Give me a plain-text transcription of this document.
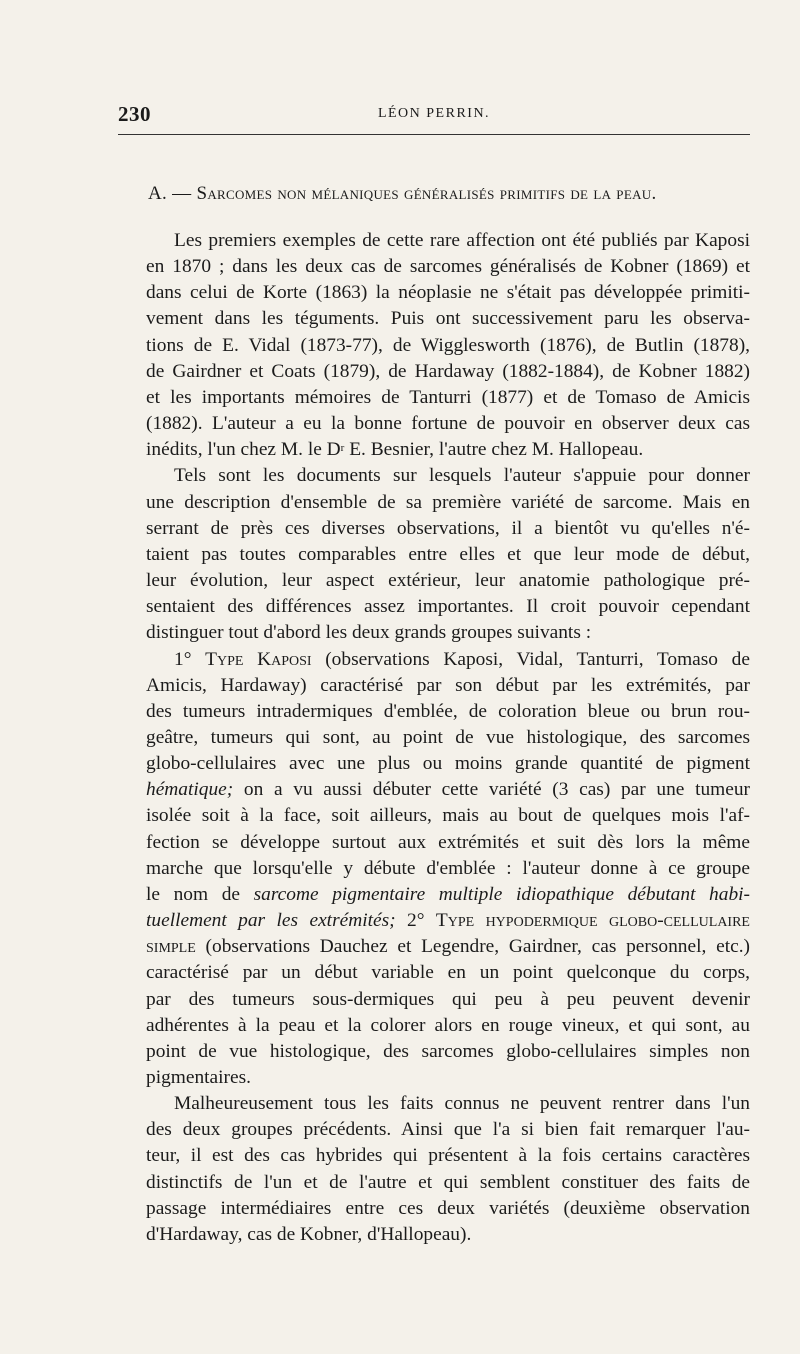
230	LÉON PERRIN.
A. — Sarcomes non mélaniques généralisés primitifs de la peau.

Les premiers exemples de cette rare affection ont été publiés par Kaposi
en 1870 ; dans les deux cas de sarcomes généralisés de Kobner (1869) et
dans celui de Korte (1863) la néoplasie ne s'était pas développée primiti-
vement dans les téguments. Puis ont successivement paru les observa-
tions de E. Vidal (1873-77), de Wigglesworth (1876), de Butlin (1878),
de Gairdner et Coats (1879), de Hardaway (1882-1884), de Kobner 1882)
et les importants mémoires de Tanturri (1877) et de Tomaso de Amicis
(1882). L'auteur a eu la bonne fortune de pouvoir en observer deux cas
inédits, l'un chez M. le $D^r$ E. Besnier, l'autre chez M. Hallopeau.

Tels sont les documents sur lesquels l'auteur s'appuie pour donner
une description d'ensemble de sa première variété de sarcome. Mais en
serrant de près ces diverses observations, il a bientôt vu qu'elles n'é-
taient pas toutes comparables entre elles et que leur mode de début,
leur évolution, leur aspect extérieur, leur anatomie pathologique pré-
sentaient des différences assez importantes. Il croit pouvoir cependant
distinguer tout d'abord les deux grands groupes suivants :

1° Type Kaposi (observations Kaposi, Vidal, Tanturri, Tomaso de
Amicis, Hardaway) caractérisé par son début par les extrémités, par
des tumeurs intradermiques d'emblée, de coloration bleue ou brun rou-
geâtre, tumeurs qui sont, au point de vue histologique, des sarcomes
globo-cellulaires avec une plus ou moins grande quantité de pigment
hématique; on a vu aussi débuter cette variété (3 cas) par une tumeur
isolée soit à la face, soit ailleurs, mais au bout de quelques mois l'af-
fection se développe surtout aux extrémités et suit dès lors la même
marche que lorsqu'elle y débute d'emblée : l'auteur donne à ce groupe
le nom de sarcome pigmentaire multiple idiopathique débutant habi-
tuellement par les extrémités; 2° Type hypodermique globo-cellulaire
simple (observations Dauchez et Legendre, Gairdner, cas personnel, etc.)
caractérisé par un début variable en un point quelconque du corps,
par des tumeurs sous-dermiques qui peu à peu peuvent devenir
adhérentes à la peau et la colorer alors en rouge vineux, et qui sont, au
point de vue histologique, des sarcomes globo-cellulaires simples non
pigmentaires.

Malheureusement tous les faits connus ne peuvent rentrer dans l'un
des deux groupes précédents. Ainsi que l'a si bien fait remarquer l'au-
teur, il est des cas hybrides qui présentent à la fois certains caractères
distinctifs de l'un et de l'autre et qui semblent constituer des faits de
passage intermédiaires entre ces deux variétés (deuxième observation
d'Hardaway, cas de Kobner, d'Hallopeau).
